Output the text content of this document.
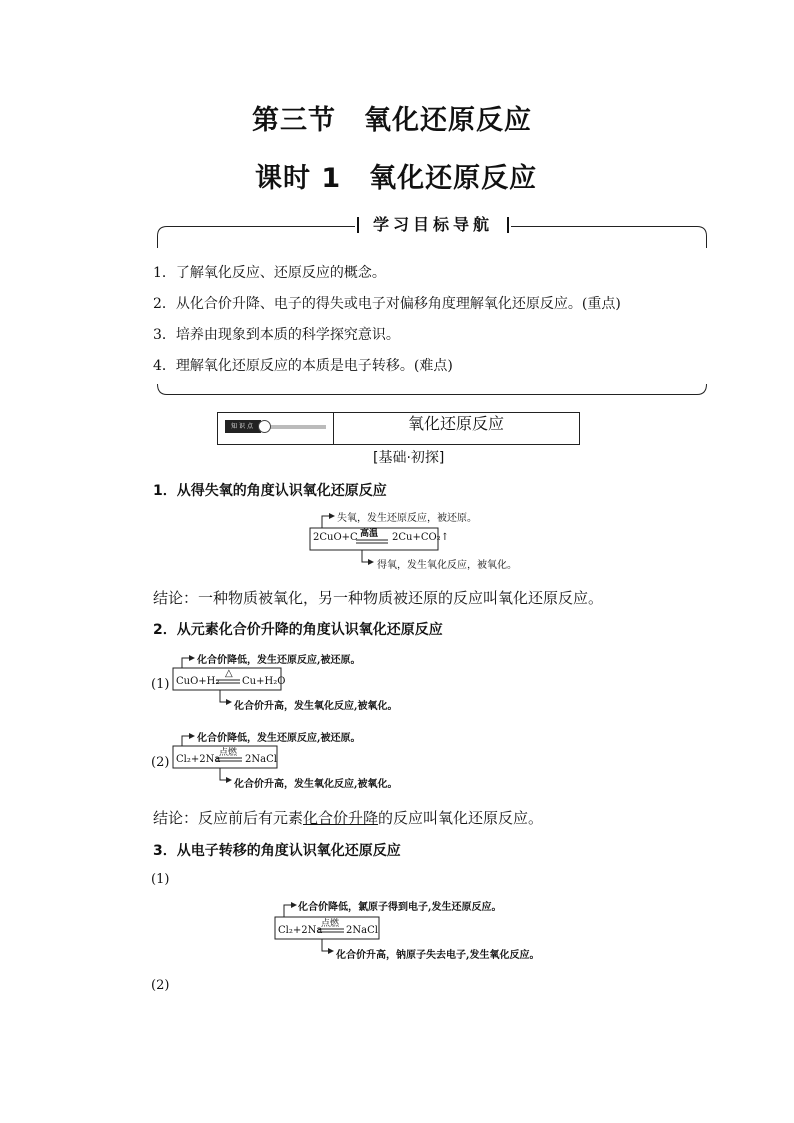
第三节　氧化还原反应
课时 1　氧化还原反应
学习目标导航
1．了解氧化反应、还原反应的概念。
2．从化合价升降、电子的得失或电子对偏移角度理解氧化还原反应。(重点)
3．培养由现象到本质的科学探究意识。
4．理解氧化还原反应的本质是电子转移。(难点)
知识点	氧化还原反应
[基础·初探]
1．从得失氧的角度认识氧化还原反应
失氧，发生还原反应，被还原。
2CuO+C 高温 2Cu+CO₂↑
得氧，发生氧化反应，被氧化。
结论：一种物质被氧化，另一种物质被还原的反应叫氧化还原反应。
2．从元素化合价升降的角度认识氧化还原反应
(1)
化合价降低，发生还原反应,被还原。
CuO+H₂
△
Cu+H₂O
化合价升高，发生氧化反应,被氧化。
(2)
化合价降低，发生还原反应,被还原。
Cl₂+2Na
点燃
2NaCl
化合价升高，发生氧化反应,被氧化。
结论：反应前后有元素化合价升降的反应叫氧化还原反应。
3．从电子转移的角度认识氧化还原反应
(1)
化合价降低，氯原子得到电子,发生还原反应。
Cl₂+2Na
点燃
2NaCl
化合价升高，钠原子失去电子,发生氧化反应。
(2)
